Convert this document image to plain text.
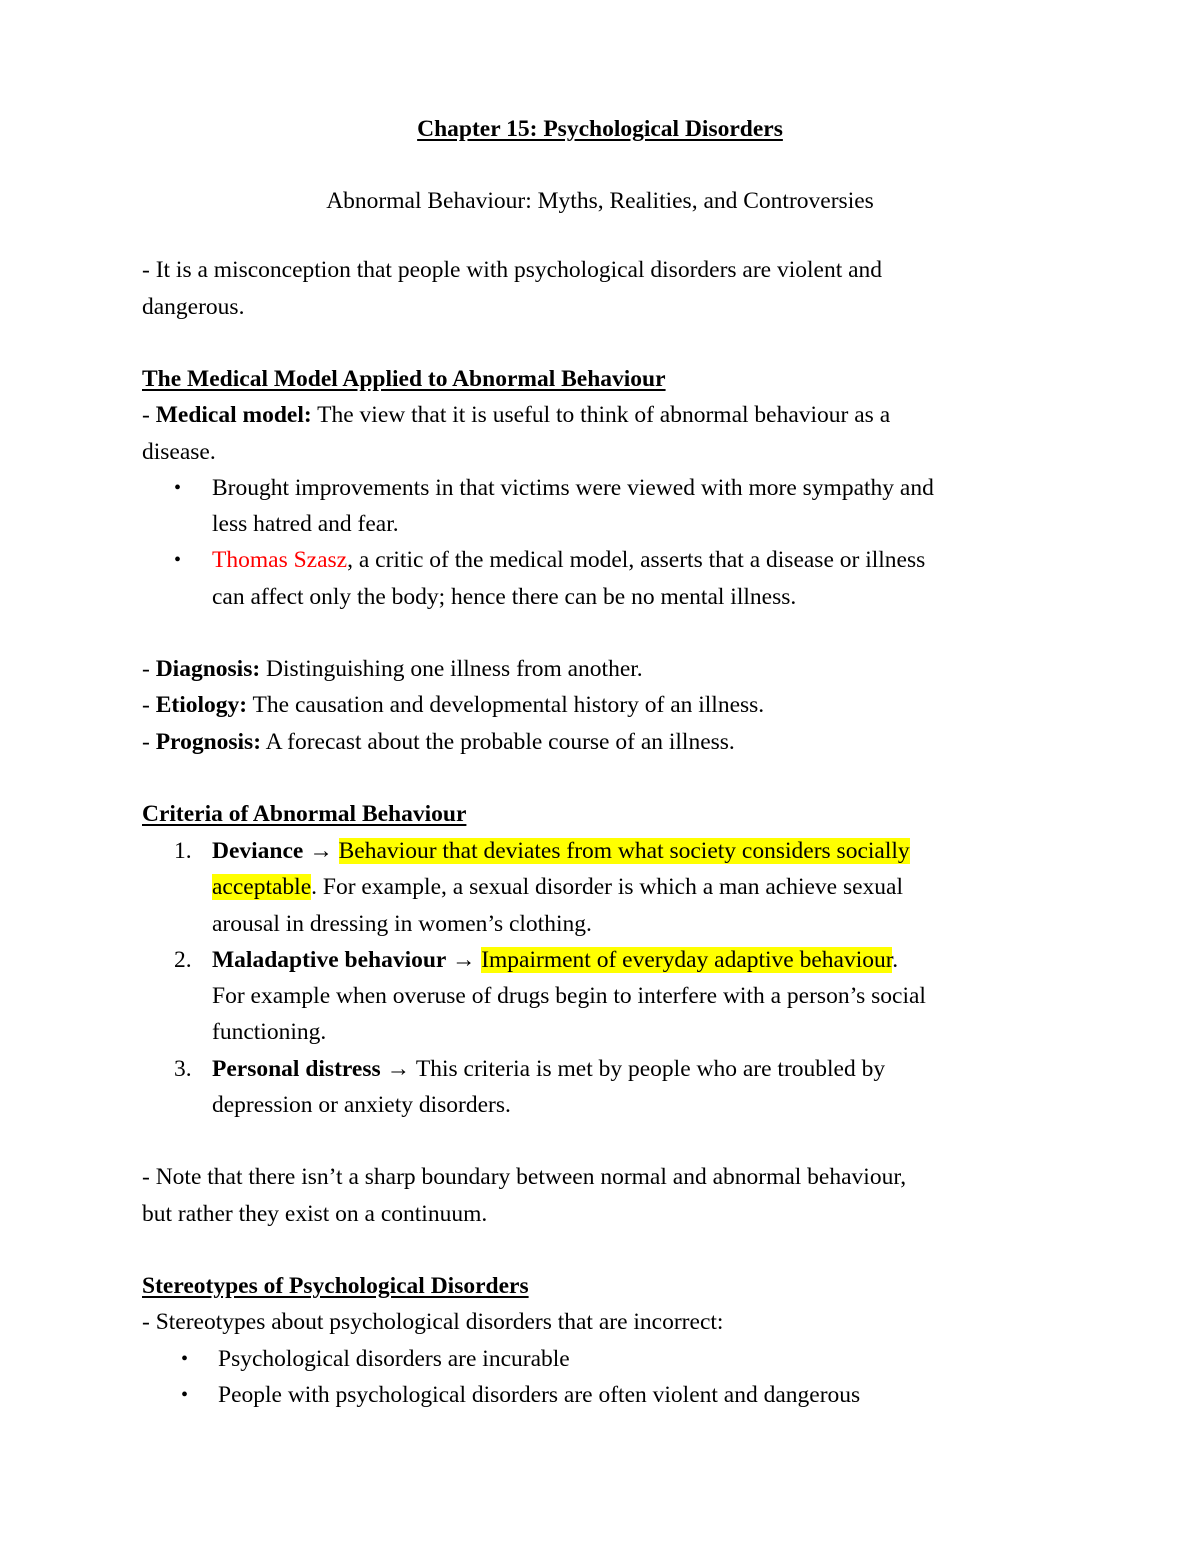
Chapter 15: Psychological Disorders
Abnormal Behaviour: Myths, Realities, and Controversies
- It is a misconception that people with psychological disorders are violent and
dangerous.
The Medical Model Applied to Abnormal Behaviour
- Medical model: The view that it is useful to think of abnormal behaviour as a
disease.
• Brought improvements in that victims were viewed with more sympathy and
less hatred and fear.
• Thomas Szasz, a critic of the medical model, asserts that a disease or illness
can affect only the body; hence there can be no mental illness.
- Diagnosis: Distinguishing one illness from another.
- Etiology: The causation and developmental history of an illness.
- Prognosis: A forecast about the probable course of an illness.
Criteria of Abnormal Behaviour
1. Deviance → Behaviour that deviates from what society considers socially
acceptable. For example, a sexual disorder is which a man achieve sexual
arousal in dressing in women’s clothing.
2. Maladaptive behaviour → Impairment of everyday adaptive behaviour.
For example when overuse of drugs begin to interfere with a person’s social
functioning.
3. Personal distress → This criteria is met by people who are troubled by
depression or anxiety disorders.
- Note that there isn’t a sharp boundary between normal and abnormal behaviour,
but rather they exist on a continuum.
Stereotypes of Psychological Disorders
- Stereotypes about psychological disorders that are incorrect:
• Psychological disorders are incurable
• People with psychological disorders are often violent and dangerous
